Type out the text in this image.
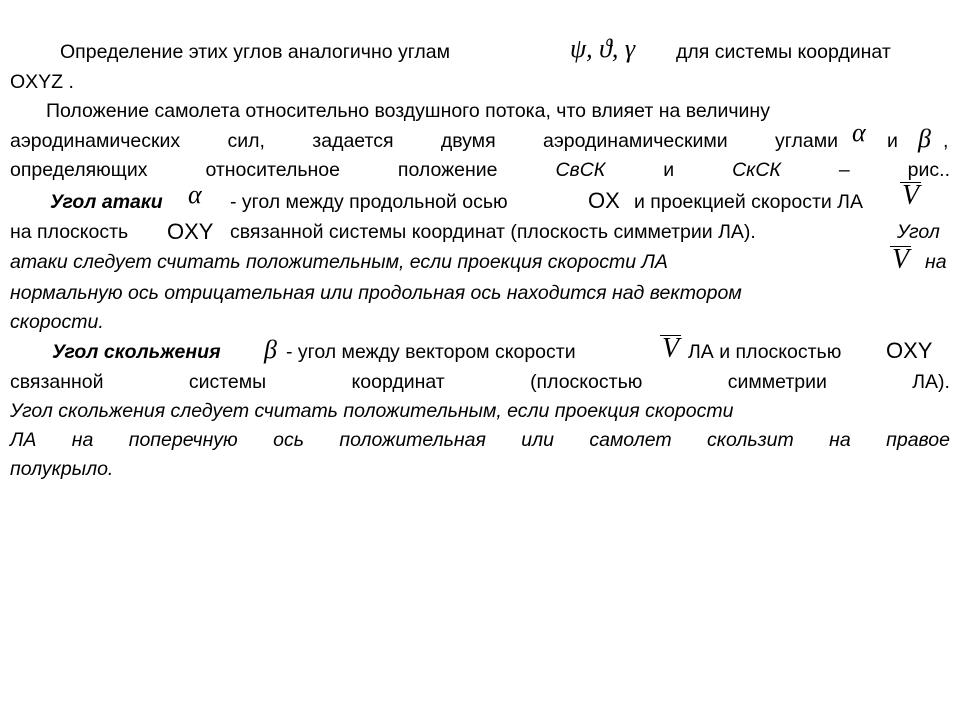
Определение этих углов аналогично углам	ψ, ϑ, γ для системы координат
OXYZ .
Положение самолета относительно воздушного потока, что влияет на величину
аэродинамических сил, задается двумя аэродинамическими углами α и β ,
определяющих	относительное	положение	СвСК	и	СкСК	–	рис..
Угол атаки α - угол между продольной осью	OX и проекцией скорости ЛА V
на плоскость OXY связанной системы координат (плоскость симметрии ЛА).	Угол
атаки следует считать положительным, если проекция скорости ЛА	V на
нормальную ось отрицательная или продольная ось находится над вектором
скорости.
Угол скольжения β - угол между вектором скорости	V ЛА и плоскостью OXY
связанной	системы	координат	(плоскостью	симметрии	ЛА).
Угол скольжения следует считать положительным, если проекция скорости
ЛА на поперечную ось положительная или самолет скользит на правое
полукрыло.
